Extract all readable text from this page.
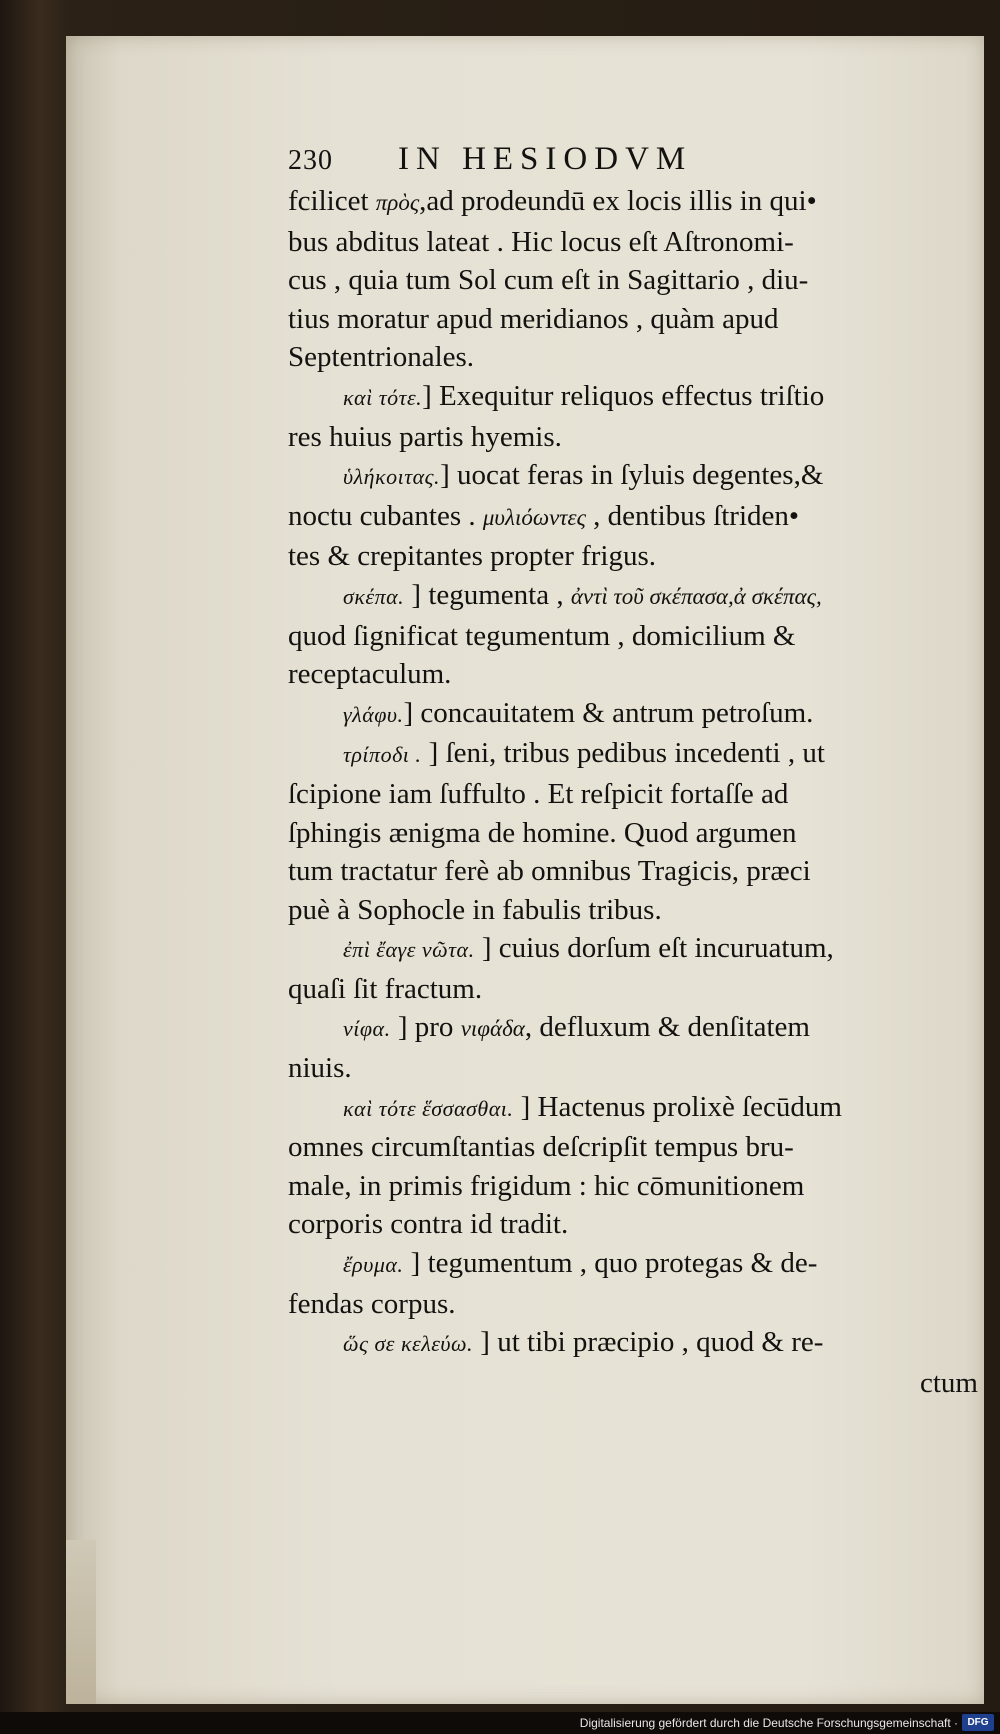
230	IN HESIODVM

fcilicet πρὸς,ad prodeundū ex locis illis in qui•
bus abditus lateat . Hic locus eſt Aſtronomi-
cus , quia tum Sol cum eſt in Sagittario , diu-
tius moratur apud meridianos , quàm apud
Septentrionales.

καὶ τότε.] Exequitur reliquos effectus triſtio
res huius partis hyemis.

ὑλήκοιτας.] uocat feras in ſyluis degentes,&
noctu cubantes . μυλιόωντες , dentibus ſtriden•
tes & crepitantes propter frigus.

σκέπα. ] tegumenta , ἀντὶ τοῦ σκέπασα,ἀ σκέπας,
quod ſignificat tegumentum , domicilium &
receptaculum.

γλάφυ.] concauitatem & antrum petroſum.

τρίποδι . ] ſeni, tribus pedibus incedenti , ut
ſcipione iam ſuffulto . Et reſpicit fortaſſe ad
ſphingis ænigma de homine. Quod argumen
tum tractatur ferè ab omnibus Tragicis, præci
puè à Sophocle in fabulis tribus.

ἐπὶ ἔαγε νῶτα. ] cuius dorſum eſt incuruatum,
quaſi ſit fractum.

νίφα. ] pro νιφάδα, defluxum & denſitatem
niuis.

καὶ τότε ἕσσασθαι. ] Hactenus prolixè ſecūdum
omnes circumſtantias deſcripſit tempus bru-
male, in primis frigidum : hic cōmunitionem
corporis contra id tradit.

ἔρυμα. ] tegumentum , quo protegas & de-
fendas corpus.

ὥς σε κελεύω. ] ut tibi præcipio , quod & re-
ctum

Digitalisierung gefördert durch die Deutsche Forschungsgemeinschaft · DFG
